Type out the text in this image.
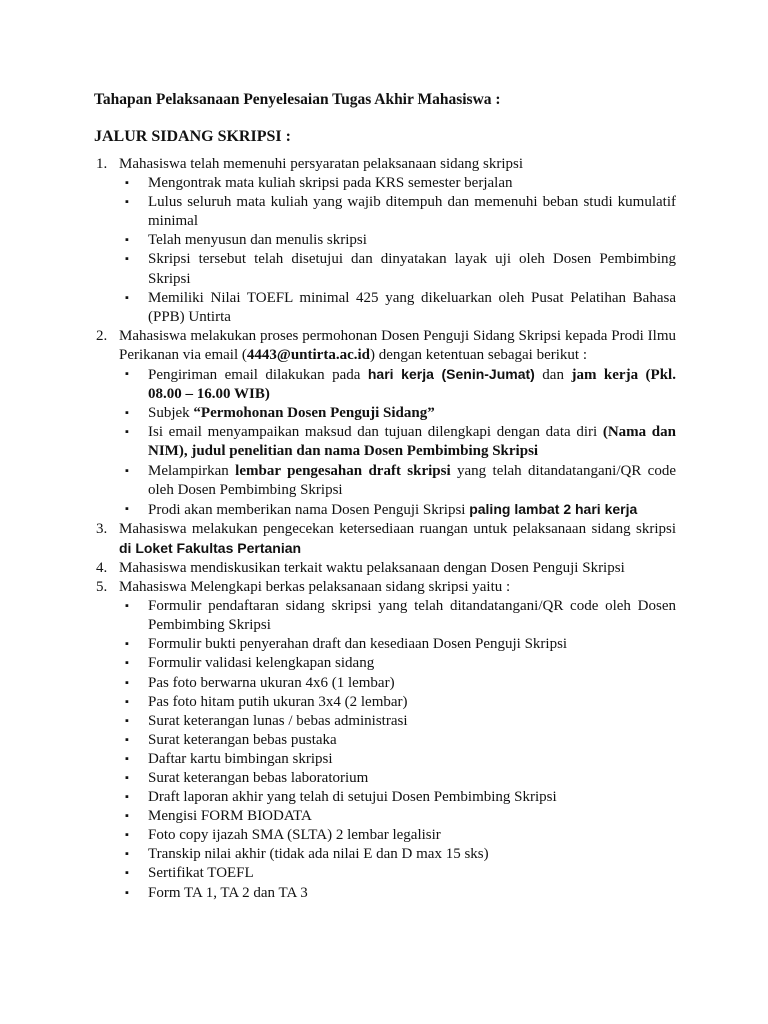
Tahapan Pelaksanaan Penyelesaian Tugas Akhir Mahasiswa :
JALUR SIDANG SKRIPSI :
1. Mahasiswa telah memenuhi persyaratan pelaksanaan sidang skripsi
▪ Mengontrak mata kuliah skripsi pada KRS semester berjalan
▪ Lulus seluruh mata kuliah yang wajib ditempuh dan memenuhi beban studi kumulatif minimal
▪ Telah menyusun dan menulis skripsi
▪ Skripsi tersebut telah disetujui dan dinyatakan layak uji oleh Dosen Pembimbing Skripsi
▪ Memiliki Nilai TOEFL minimal 425 yang dikeluarkan oleh Pusat Pelatihan Bahasa (PPB) Untirta
2. Mahasiswa melakukan proses permohonan Dosen Penguji Sidang Skripsi kepada Prodi Ilmu Perikanan via email (4443@untirta.ac.id) dengan ketentuan sebagai berikut :
▪ Pengiriman email dilakukan pada hari kerja (Senin-Jumat) dan jam kerja (Pkl. 08.00 – 16.00 WIB)
▪ Subjek “Permohonan Dosen Penguji Sidang”
▪ Isi email menyampaikan maksud dan tujuan dilengkapi dengan data diri (Nama dan NIM), judul penelitian dan nama Dosen Pembimbing Skripsi
▪ Melampirkan lembar pengesahan draft skripsi yang telah ditandatangani/QR code oleh Dosen Pembimbing Skripsi
▪ Prodi akan memberikan nama Dosen Penguji Skripsi paling lambat 2 hari kerja
3. Mahasiswa melakukan pengecekan ketersediaan ruangan untuk pelaksanaan sidang skripsi di Loket Fakultas Pertanian
4. Mahasiswa mendiskusikan terkait waktu pelaksanaan dengan Dosen Penguji Skripsi
5. Mahasiswa Melengkapi berkas pelaksanaan sidang skripsi yaitu :
▪ Formulir pendaftaran sidang skripsi yang telah ditandatangani/QR code oleh Dosen Pembimbing Skripsi
▪ Formulir bukti penyerahan draft dan kesediaan Dosen Penguji Skripsi
▪ Formulir validasi kelengkapan sidang
▪ Pas foto berwarna ukuran 4x6 (1 lembar)
▪ Pas foto hitam putih ukuran 3x4 (2 lembar)
▪ Surat keterangan lunas / bebas administrasi
▪ Surat keterangan bebas pustaka
▪ Daftar kartu bimbingan skripsi
▪ Surat keterangan bebas laboratorium
▪ Draft laporan akhir yang telah di setujui Dosen Pembimbing Skripsi
▪ Mengisi FORM BIODATA
▪ Foto copy ijazah SMA (SLTA) 2 lembar legalisir
▪ Transkip nilai akhir (tidak ada nilai E dan D max 15 sks)
▪ Sertifikat TOEFL
▪ Form TA 1, TA 2 dan TA 3
